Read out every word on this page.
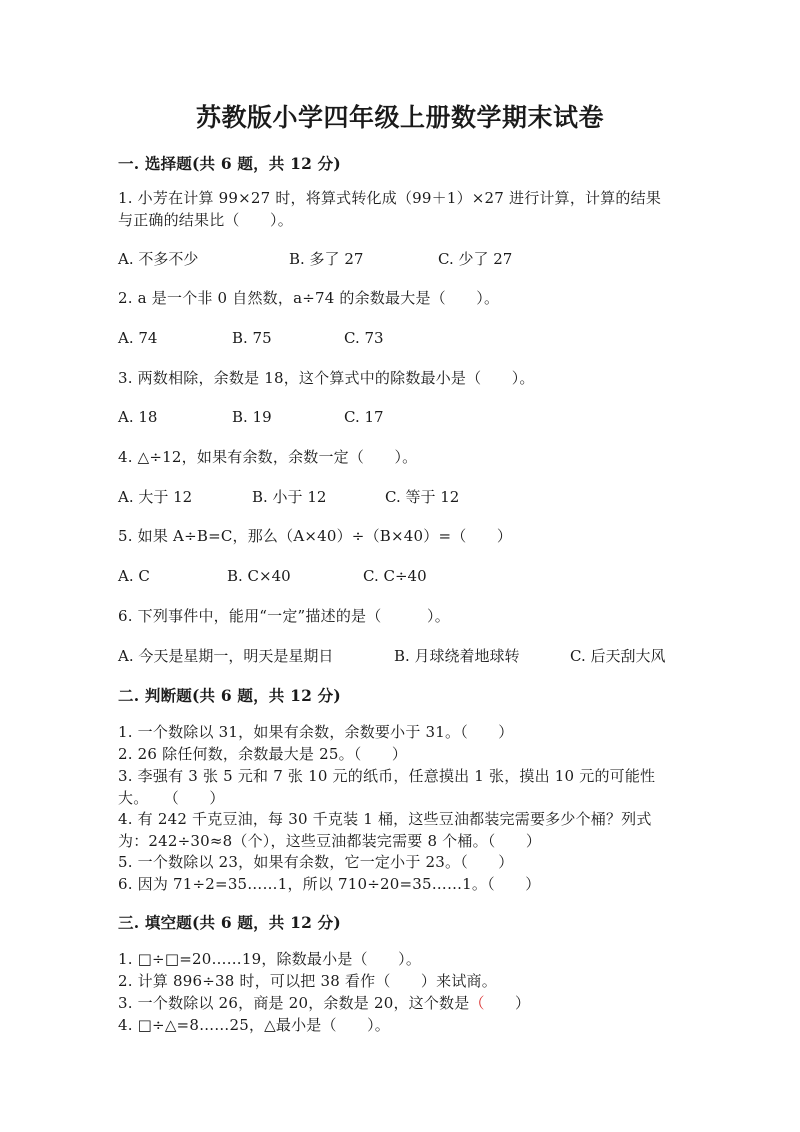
苏教版小学四年级上册数学期末试卷
一. 选择题(共 6 题，共 12 分)
1. 小芳在计算 99×27 时，将算式转化成（99＋1）×27 进行计算，计算的结果
与正确的结果比（　　）。
A. 不多不少	B. 多了 27	C. 少了 27
2. a 是一个非 0 自然数，a÷74 的余数最大是（　　）。
A. 74	B. 75	C. 73
3. 两数相除，余数是 18，这个算式中的除数最小是（　　）。
A. 18	B. 19	C. 17
4. △÷12，如果有余数，余数一定（　　）。
A. 大于 12	B. 小于 12	C. 等于 12
5. 如果 A÷B=C，那么（A×40）÷（B×40）=（　　）
A. C	B. C×40	C. C÷40
6. 下列事件中，能用“一定”描述的是（　　　）。
A. 今天是星期一，明天是星期日	B. 月球绕着地球转	C. 后天刮大风
二. 判断题(共 6 题，共 12 分)
1. 一个数除以 31，如果有余数，余数要小于 31。（　　）
2. 26 除任何数，余数最大是 25。（　　）
3. 李强有 3 张 5 元和 7 张 10 元的纸币，任意摸出 1 张，摸出 10 元的可能性
大。　　（　　）
4. 有 242 千克豆油，每 30 千克装 1 桶，这些豆油都装完需要多少个桶？列式
为：242÷30≈8（个），这些豆油都装完需要 8 个桶。（　　）
5. 一个数除以 23，如果有余数，它一定小于 23。（　　）
6. 因为 71÷2=35……1，所以 710÷20=35……1。（　　）
三. 填空题(共 6 题，共 12 分)
1. □÷□=20……19，除数最小是（　　）。
2. 计算 896÷38 时，可以把 38 看作（　　）来试商。
3. 一个数除以 26，商是 20，余数是 20，这个数是（　　）
4. □÷△=8……25，△最小是（　　）。
